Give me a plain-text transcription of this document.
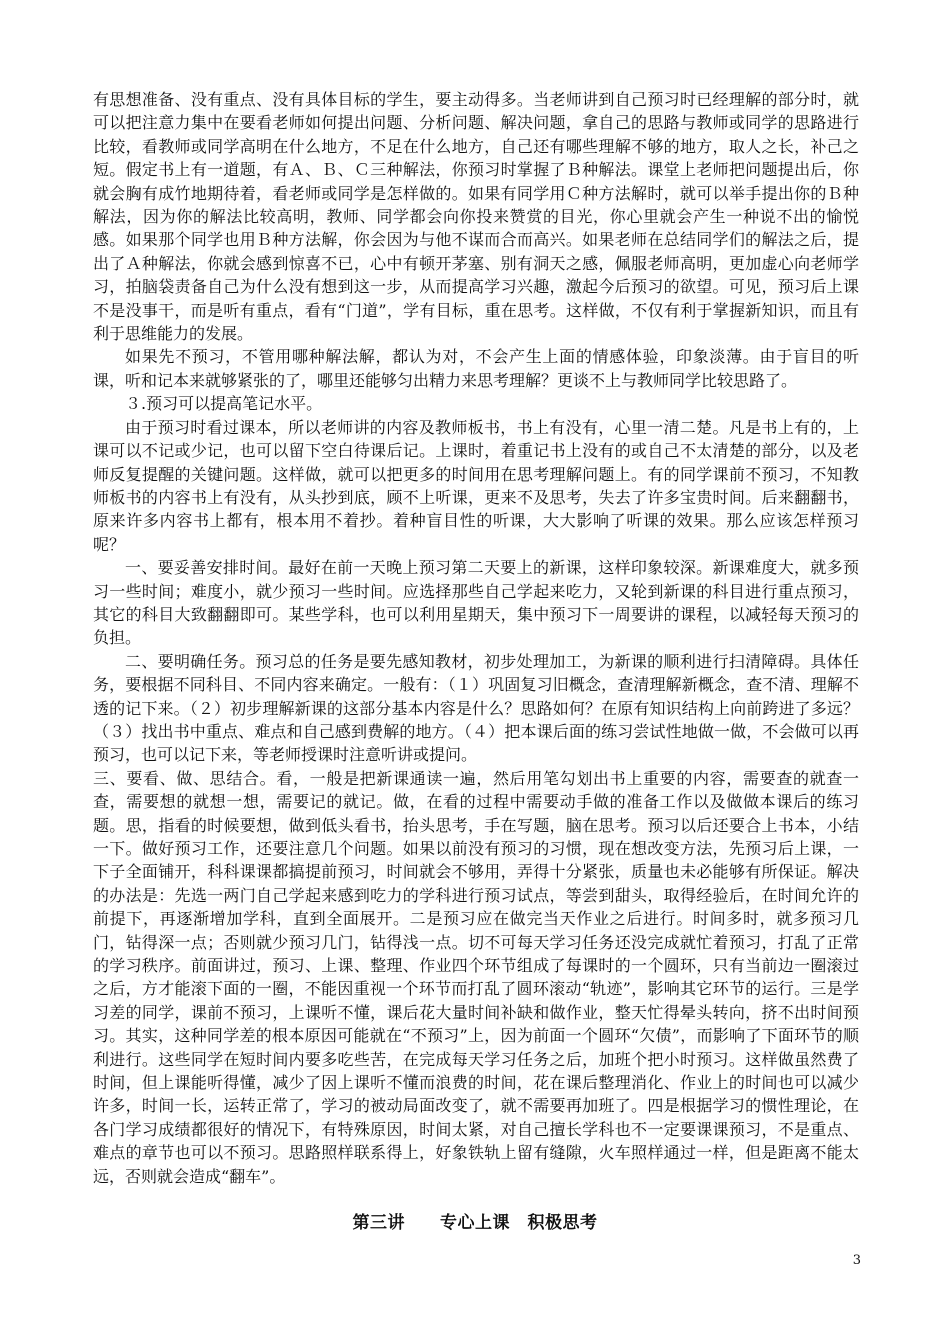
有思想准备、没有重点、没有具体目标的学生，要主动得多。当老师讲到自己预习时已经理解的部分时，就可以把注意力集中在要看老师如何提出问题、分析问题、解决问题，拿自己的思路与教师或同学的思路进行比较，看教师或同学高明在什么地方，不足在什么地方，自己还有哪些理解不够的地方，取人之长，补己之短。假定书上有一道题，有Ａ、Ｂ、Ｃ三种解法，你预习时掌握了Ｂ种解法。课堂上老师把问题提出后，你就会胸有成竹地期待着，看老师或同学是怎样做的。如果有同学用Ｃ种方法解时，就可以举手提出你的Ｂ种解法，因为你的解法比较高明，教师、同学都会向你投来赞赏的目光，你心里就会产生一种说不出的愉悦感。如果那个同学也用Ｂ种方法解，你会因为与他不谋而合而高兴。如果老师在总结同学们的解法之后，提出了Ａ种解法，你就会感到惊喜不已，心中有顿开茅塞、别有洞天之感，佩服老师高明，更加虚心向老师学习，拍脑袋责备自己为什么没有想到这一步，从而提高学习兴趣，激起今后预习的欲望。可见，预习后上课不是没事干，而是听有重点，看有“门道”，学有目标，重在思考。这样做，不仅有利于掌握新知识，而且有利于思维能力的发展。

如果先不预习，不管用哪种解法解，都认为对，不会产生上面的情感体验，印象淡薄。由于盲目的听课，听和记本来就够紧张的了，哪里还能够匀出精力来思考理解？更谈不上与教师同学比较思路了。

３.预习可以提高笔记水平。

由于预习时看过课本，所以老师讲的内容及教师板书，书上有没有，心里一清二楚。凡是书上有的，上课可以不记或少记，也可以留下空白待课后记。上课时，着重记书上没有的或自己不太清楚的部分，以及老师反复提醒的关键问题。这样做，就可以把更多的时间用在思考理解问题上。有的同学课前不预习，不知教师板书的内容书上有没有，从头抄到底，顾不上听课，更来不及思考，失去了许多宝贵时间。后来翻翻书，原来许多内容书上都有，根本用不着抄。着种盲目性的听课，大大影响了听课的效果。那么应该怎样预习呢？

一、要妥善安排时间。最好在前一天晚上预习第二天要上的新课，这样印象较深。新课难度大，就多预习一些时间；难度小，就少预习一些时间。应选择那些自己学起来吃力，又轮到新课的科目进行重点预习，其它的科目大致翻翻即可。某些学科，也可以利用星期天，集中预习下一周要讲的课程，以减轻每天预习的负担。

二、要明确任务。预习总的任务是要先感知教材，初步处理加工，为新课的顺利进行扫清障碍。具体任务，要根据不同科目、不同内容来确定。一般有：（１）巩固复习旧概念，查清理解新概念，查不清、理解不透的记下来。（２）初步理解新课的这部分基本内容是什么？思路如何？在原有知识结构上向前跨进了多远？（３）找出书中重点、难点和自己感到费解的地方。（４）把本课后面的练习尝试性地做一做，不会做可以再预习，也可以记下来，等老师授课时注意听讲或提问。

三、要看、做、思结合。看，一般是把新课通读一遍，然后用笔勾划出书上重要的内容，需要查的就查一查，需要想的就想一想，需要记的就记。做，在看的过程中需要动手做的准备工作以及做做本课后的练习题。思，指看的时候要想，做到低头看书，抬头思考，手在写题，脑在思考。预习以后还要合上书本，小结一下。做好预习工作，还要注意几个问题。如果以前没有预习的习惯，现在想改变方法，先预习后上课，一下子全面铺开，科科课课都搞提前预习，时间就会不够用，弄得十分紧张，质量也未必能够有所保证。解决的办法是：先选一两门自己学起来感到吃力的学科进行预习试点，等尝到甜头，取得经验后，在时间允许的前提下，再逐渐增加学科，直到全面展开。二是预习应在做完当天作业之后进行。时间多时，就多预习几门，钻得深一点；否则就少预习几门，钻得浅一点。切不可每天学习任务还没完成就忙着预习，打乱了正常的学习秩序。前面讲过，预习、上课、整理、作业四个环节组成了每课时的一个圆环，只有当前边一圈滚过之后，方才能滚下面的一圈，不能因重视一个环节而打乱了圆环滚动“轨迹”，影响其它环节的运行。三是学习差的同学，课前不预习，上课听不懂，课后花大量时间补缺和做作业，整天忙得晕头转向，挤不出时间预习。其实，这种同学差的根本原因可能就在“不预习”上，因为前面一个圆环“欠债”，而影响了下面环节的顺利进行。这些同学在短时间内要多吃些苦，在完成每天学习任务之后，加班个把小时预习。这样做虽然费了时间，但上课能听得懂，减少了因上课听不懂而浪费的时间，花在课后整理消化、作业上的时间也可以减少许多，时间一长，运转正常了，学习的被动局面改变了，就不需要再加班了。四是根据学习的惯性理论，在各门学习成绩都很好的情况下，有特殊原因，时间太紧，对自己擅长学科也不一定要课课预习，不是重点、难点的章节也可以不预习。思路照样联系得上，好象铁轨上留有缝隙，火车照样通过一样，但是距离不能太远，否则就会造成“翻车”。

第三讲　　专心上课　积极思考
3
